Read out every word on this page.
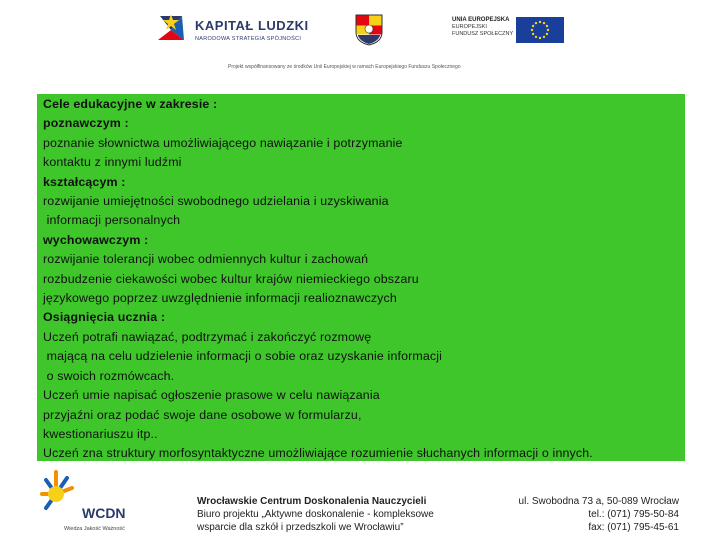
KAPITAŁ LUDZKI
NARODOWA STRATEGIA SPÓJNOŚCI
UNIA EUROPEJSKA
EUROPEJSKI
FUNDUSZ SPOŁECZNY
Projekt współfinansowany ze środków Unii Europejskiej w ramach Europejskiego Funduszu Społecznego

Cele edukacyjne w zakresie :

poznawczym :

poznanie słownictwa umożliwiającego nawiązanie i potrzymanie

kontaktu z innymi ludźmi

kształcącym :

rozwijanie umiejętności swobodnego udzielania i uzyskiwania

informacji personalnych

wychowawczym :

rozwijanie tolerancji wobec odmiennych kultur i zachowań

rozbudzenie ciekawości wobec kultur krajów niemieckiego obszaru

językowego poprzez uwzględnienie informacji realioznawczych

Osiągnięcia ucznia :

Uczeń potrafi nawiązać, podtrzymać i zakończyć rozmowę

mającą na celu udzielenie informacji o sobie oraz uzyskanie informacji

o swoich rozmówcach.

Uczeń umie napisać ogłoszenie prasowe w celu nawiązania

przyjaźni oraz podać swoje dane osobowe w formularzu,

kwestionariuszu itp..

Uczeń zna struktury morfosyntaktyczne umożliwiające rozumienie słuchanych informacji o innych.

WCDN
Wiedza Jakość Ważność
Wrocławskie Centrum Doskonalenia Nauczycieli
Biuro projektu „Aktywne doskonalenie - kompleksowe
wsparcie dla szkół i przedszkoli we Wrocławiu”
ul. Swobodna 73 a, 50-089 Wrocław
tel.: (071) 795-50-84
fax: (071) 795-45-61
